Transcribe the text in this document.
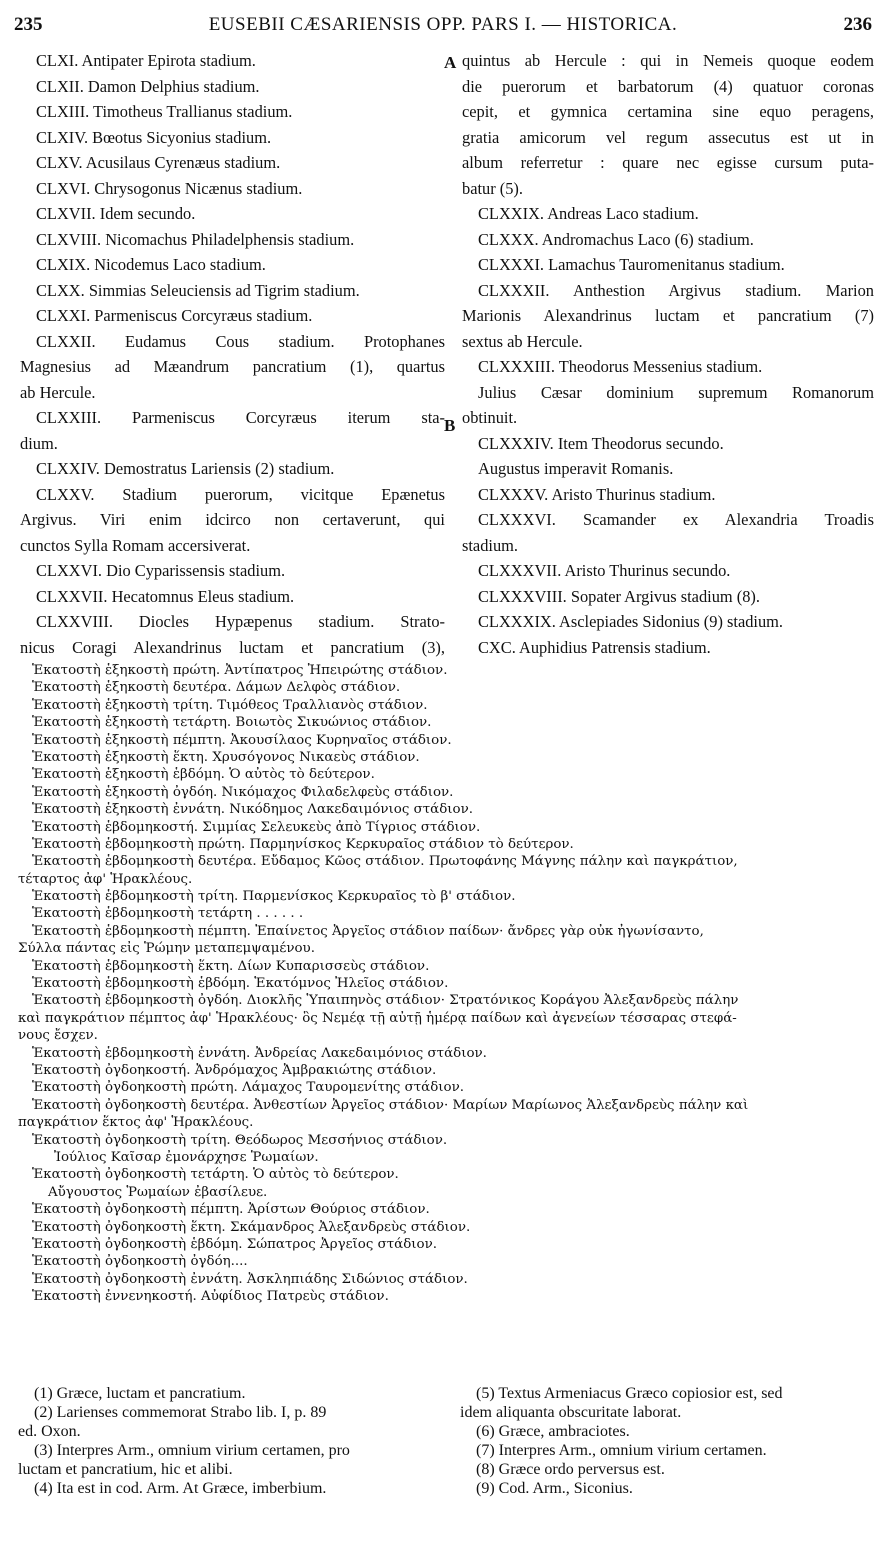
235	EUSEBII CÆSARIENSIS OPP. PARS I. — HISTORICA.	236
A
B
CLXI. Antipater Epirota stadium.
CLXII. Damon Delphius stadium.
CLXIII. Timotheus Trallianus stadium.
CLXIV. Bœotus Sicyonius stadium.
CLXV. Acusilaus Cyrenæus stadium.
CLXVI. Chrysogonus Nicænus stadium.
CLXVII. Idem secundo.
CLXVIII. Nicomachus Philadelphensis stadium.
CLXIX. Nicodemus Laco stadium.
CLXX. Simmias Seleuciensis ad Tigrim stadium.
CLXXI. Parmeniscus Corcyræus stadium.
CLXXII. Eudamus Cous stadium. Protophanes
Magnesius ad Mæandrum pancratium (1), quartus
ab Hercule.
CLXXIII. Parmeniscus Corcyræus iterum sta-
dium.
CLXXIV. Demostratus Lariensis (2) stadium.
CLXXV. Stadium puerorum, vicitque Epænetus
Argivus. Viri enim idcirco non certaverunt, qui
cunctos Sylla Romam accersiverat.
CLXXVI. Dio Cyparissensis stadium.
CLXXVII. Hecatomnus Eleus stadium.
CLXXVIII. Diocles Hypæpenus stadium. Strato-
nicus Coragi Alexandrinus luctam et pancratium (3),
quintus ab Hercule : qui in Nemeis quoque eodem
die puerorum et barbatorum (4) quatuor coronas
cepit, et gymnica certamina sine equo peragens,
gratia amicorum vel regum assecutus est ut in
album referretur : quare nec egisse cursum puta-
batur (5).
CLXXIX. Andreas Laco stadium.
CLXXX. Andromachus Laco (6) stadium.
CLXXXI. Lamachus Tauromenitanus stadium.
CLXXXII. Anthestion Argivus stadium. Marion
Marionis Alexandrinus luctam et pancratium (7)
sextus ab Hercule.
CLXXXIII. Theodorus Messenius stadium.
Julius Cæsar dominium supremum Romanorum
obtinuit.
CLXXXIV. Item Theodorus secundo.
Augustus imperavit Romanis.
CLXXXV. Aristo Thurinus stadium.
CLXXXVI. Scamander ex Alexandria Troadis
stadium.
CLXXXVII. Aristo Thurinus secundo.
CLXXXVIII. Sopater Argivus stadium (8).
CLXXXIX. Asclepiades Sidonius (9) stadium.
CXC. Auphidius Patrensis stadium.
Ἑκατοστὴ ἑξηκοστὴ πρώτη. Ἀντίπατρος Ἠπειρώτης στάδιον.
Ἑκατοστὴ ἑξηκοστὴ δευτέρα. Δάμων Δελφὸς στάδιον.
Ἑκατοστὴ ἑξηκοστὴ τρίτη. Τιμόθεος Τραλλιανὸς στάδιον.
Ἑκατοστὴ ἑξηκοστὴ τετάρτη. Βοιωτὸς Σικυώνιος στάδιον.
Ἑκατοστὴ ἑξηκοστὴ πέμπτη. Ἀκουσίλαος Κυρηναῖος στάδιον.
Ἑκατοστὴ ἑξηκοστὴ ἕκτη. Χρυσόγονος Νικαεὺς στάδιον.
Ἑκατοστὴ ἑξηκοστὴ ἑβδόμη. Ὁ αὐτὸς τὸ δεύτερον.
Ἑκατοστὴ ἑξηκοστὴ ὀγδόη. Νικόμαχος Φιλαδελφεὺς στάδιον.
Ἑκατοστὴ ἑξηκοστὴ ἐννάτη. Νικόδημος Λακεδαιμόνιος στάδιον.
Ἑκατοστὴ ἑβδομηκοστή. Σιμμίας Σελευκεὺς ἀπὸ Τίγριος στάδιον.
Ἑκατοστὴ ἑβδομηκοστὴ πρώτη. Παρμηνίσκος Κερκυραῖος στάδιον τὸ δεύτερον.
Ἑκατοστὴ ἑβδομηκοστὴ δευτέρα. Εὔδαμος Κῶος στάδιον. Πρωτοφάνης Μάγνης πάλην καὶ παγκράτιον,
τέταρτος ἀφ' Ἡρακλέους.
Ἑκατοστὴ ἑβδομηκοστὴ τρίτη. Παρμενίσκος Κερκυραῖος τὸ β' στάδιον.
Ἑκατοστὴ ἑβδομηκοστὴ τετάρτη . . . . . .
Ἑκατοστὴ ἑβδομηκοστὴ πέμπτη. Ἐπαίνετος Ἀργεῖος στάδιον παίδων· ἄνδρες γὰρ οὐκ ἠγωνίσαντο,
Σύλλα πάντας εἰς Ῥώμην μεταπεμψαμένου.
Ἑκατοστὴ ἑβδομηκοστὴ ἕκτη. Δίων Κυπαρισσεὺς στάδιον.
Ἑκατοστὴ ἑβδομηκοστὴ ἑβδόμη. Ἑκατόμνος Ἠλεῖος στάδιον.
Ἑκατοστὴ ἑβδομηκοστὴ ὀγδόη. Διοκλῆς Ὑπαιπηνὸς στάδιον· Στρατόνικος Κοράγου Ἀλεξανδρεὺς πάλην
καὶ παγκράτιον πέμπτος ἀφ' Ἡρακλέους· ὃς Νεμέᾳ τῇ αὐτῇ ἡμέρᾳ παίδων καὶ ἀγενείων τέσσαρας στεφά-
νους ἔσχεν.
Ἑκατοστὴ ἑβδομηκοστὴ ἐννάτη. Ἀνδρείας Λακεδαιμόνιος στάδιον.
Ἑκατοστὴ ὀγδοηκοστή. Ἀνδρόμαχος Ἀμβρακιώτης στάδιον.
Ἑκατοστὴ ὀγδοηκοστὴ πρώτη. Λάμαχος Ταυρομενίτης στάδιον.
Ἑκατοστὴ ὀγδοηκοστὴ δευτέρα. Ἀνθεστίων Ἀργεῖος στάδιον· Μαρίων Μαρίωνος Ἀλεξανδρεὺς πάλην καὶ
παγκράτιον ἕκτος ἀφ' Ἡρακλέους.
Ἑκατοστὴ ὀγδοηκοστὴ τρίτη. Θεόδωρος Μεσσήνιος στάδιον.
Ἰούλιος Καῖσαρ ἐμονάρχησε Ῥωμαίων.
Ἑκατοστὴ ὀγδοηκοστὴ τετάρτη. Ὁ αὐτὸς τὸ δεύτερον.
Αὔγουστος Ῥωμαίων ἐβασίλευε.
Ἑκατοστὴ ὀγδοηκοστὴ πέμπτη. Ἀρίστων Θούριος στάδιον.
Ἑκατοστὴ ὀγδοηκοστὴ ἕκτη. Σκάμανδρος Ἀλεξανδρεὺς στάδιον.
Ἑκατοστὴ ὀγδοηκοστὴ ἑβδόμη. Σώπατρος Ἀργεῖος στάδιον.
Ἑκατοστὴ ὀγδοηκοστὴ ὀγδόη....
Ἑκατοστὴ ὀγδοηκοστὴ ἐννάτη. Ἀσκληπιάδης Σιδώνιος στάδιον.
Ἑκατοστὴ ἐννενηκοστή. Αὐφίδιος Πατρεὺς στάδιον.
(1) Græce, luctam et pancratium.
(2) Larienses commemorat Strabo lib. I, p. 89
ed. Oxon.
(3) Interpres Arm., omnium virium certamen, pro
luctam et pancratium, hic et alibi.
(4) Ita est in cod. Arm. At Græce, imberbium.
(5) Textus Armeniacus Græco copiosior est, sed
idem aliquanta obscuritate laborat.
(6) Græce, ambraciotes.
(7) Interpres Arm., omnium virium certamen.
(8) Græce ordo perversus est.
(9) Cod. Arm., Siconius.
